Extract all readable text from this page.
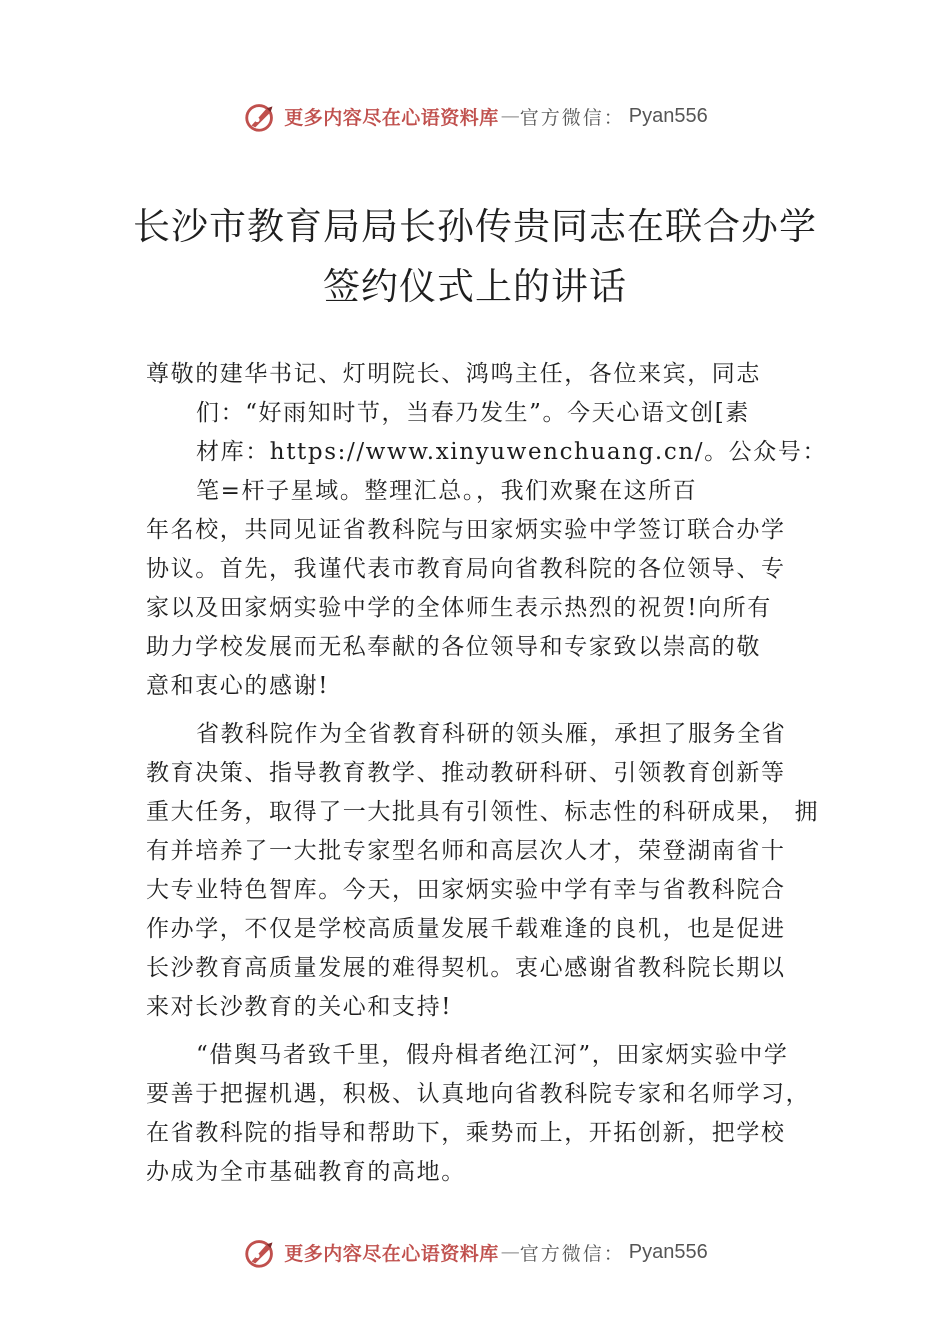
更多内容尽在心语资料库 — 官方微信： Pyan556
长沙市教育局局长孙传贵同志在联合办学
签约仪式上的讲话
尊敬的建华书记、灯明院长、鸿鸣主任，各位来宾，同志
们：“好雨知时节，当春乃发生”。今天心语文创[素
材库：https://www.xinyuwenchuang.cn/。公众号：
笔=杆子星域。整理汇总。，我们欢聚在这所百
年名校，共同见证省教科院与田家炳实验中学签订联合办学
协议。首先，我谨代表市教育局向省教科院的各位领导、专
家以及田家炳实验中学的全体师生表示热烈的祝贺!向所有
助力学校发展而无私奉献的各位领导和专家致以崇高的敬
意和衷心的感谢!
省教科院作为全省教育科研的领头雁，承担了服务全省
教育决策、指导教育教学、推动教研科研、引领教育创新等
重大任务，取得了一大批具有引领性、标志性的科研成果， 拥
有并培养了一大批专家型名师和高层次人才，荣登湖南省十
大专业特色智库。今天，田家炳实验中学有幸与省教科院合
作办学，不仅是学校高质量发展千载难逢的良机，也是促进
长沙教育高质量发展的难得契机。衷心感谢省教科院长期以
来对长沙教育的关心和支持!
“借舆马者致千里，假舟楫者绝江河”，田家炳实验中学
要善于把握机遇，积极、认真地向省教科院专家和名师学习，
在省教科院的指导和帮助下，乘势而上，开拓创新，把学校
办成为全市基础教育的高地。
更多内容尽在心语资料库 — 官方微信： Pyan556
